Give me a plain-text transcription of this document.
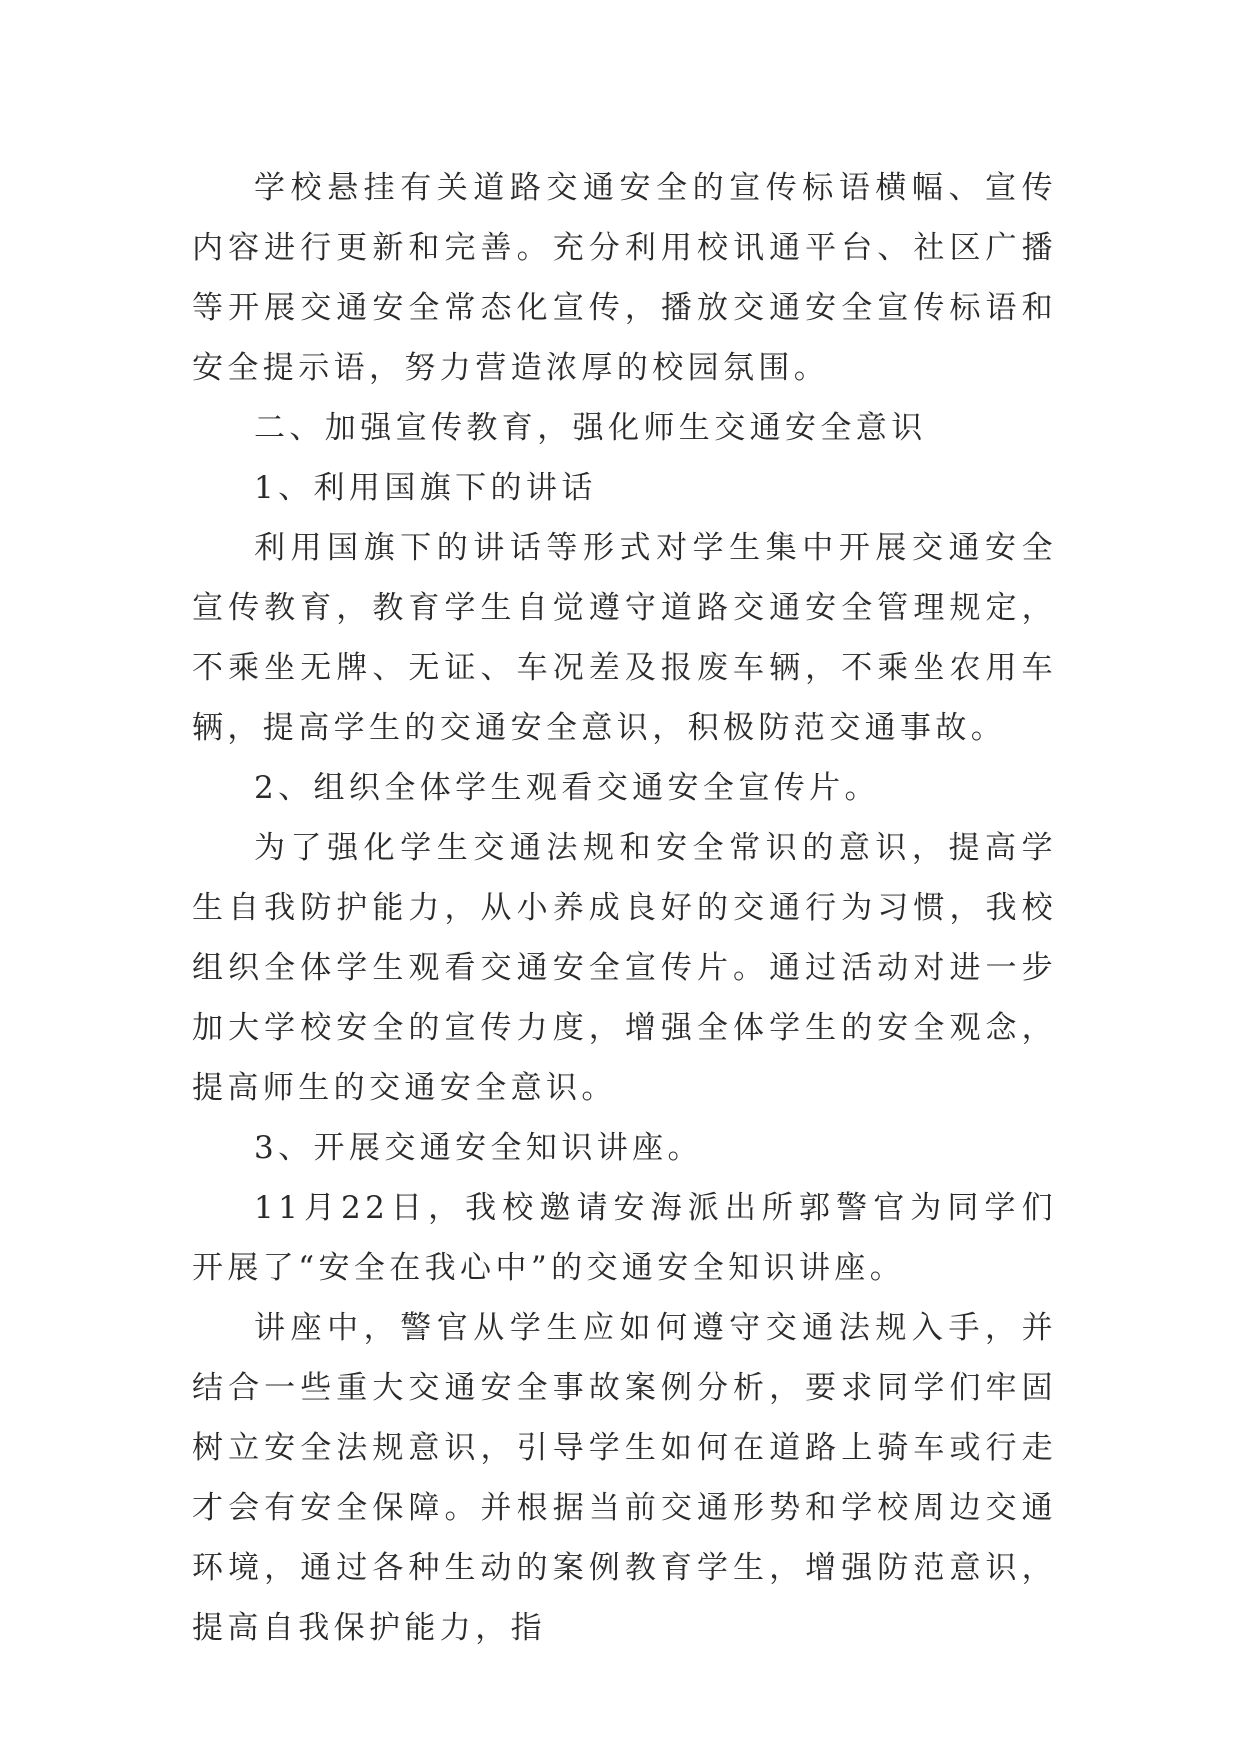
学校悬挂有关道路交通安全的宣传标语横幅、宣传内容进行更新和完善。充分利用校讯通平台、社区广播等开展交通安全常态化宣传，播放交通安全宣传标语和安全提示语，努力营造浓厚的校园氛围。

二、加强宣传教育，强化师生交通安全意识

1、利用国旗下的讲话

利用国旗下的讲话等形式对学生集中开展交通安全宣传教育，教育学生自觉遵守道路交通安全管理规定，不乘坐无牌、无证、车况差及报废车辆，不乘坐农用车辆，提高学生的交通安全意识，积极防范交通事故。

2、组织全体学生观看交通安全宣传片。

为了强化学生交通法规和安全常识的意识，提高学生自我防护能力，从小养成良好的交通行为习惯，我校组织全体学生观看交通安全宣传片。通过活动对进一步加大学校安全的宣传力度，增强全体学生的安全观念，提高师生的交通安全意识。

3、开展交通安全知识讲座。

11月22日，我校邀请安海派出所郭警官为同学们开展了“安全在我心中”的交通安全知识讲座。

讲座中，警官从学生应如何遵守交通法规入手，并结合一些重大交通安全事故案例分析，要求同学们牢固树立安全法规意识，引导学生如何在道路上骑车或行走才会有安全保障。并根据当前交通形势和学校周边交通环境，通过各种生动的案例教育学生，增强防范意识，提高自我保护能力，指
